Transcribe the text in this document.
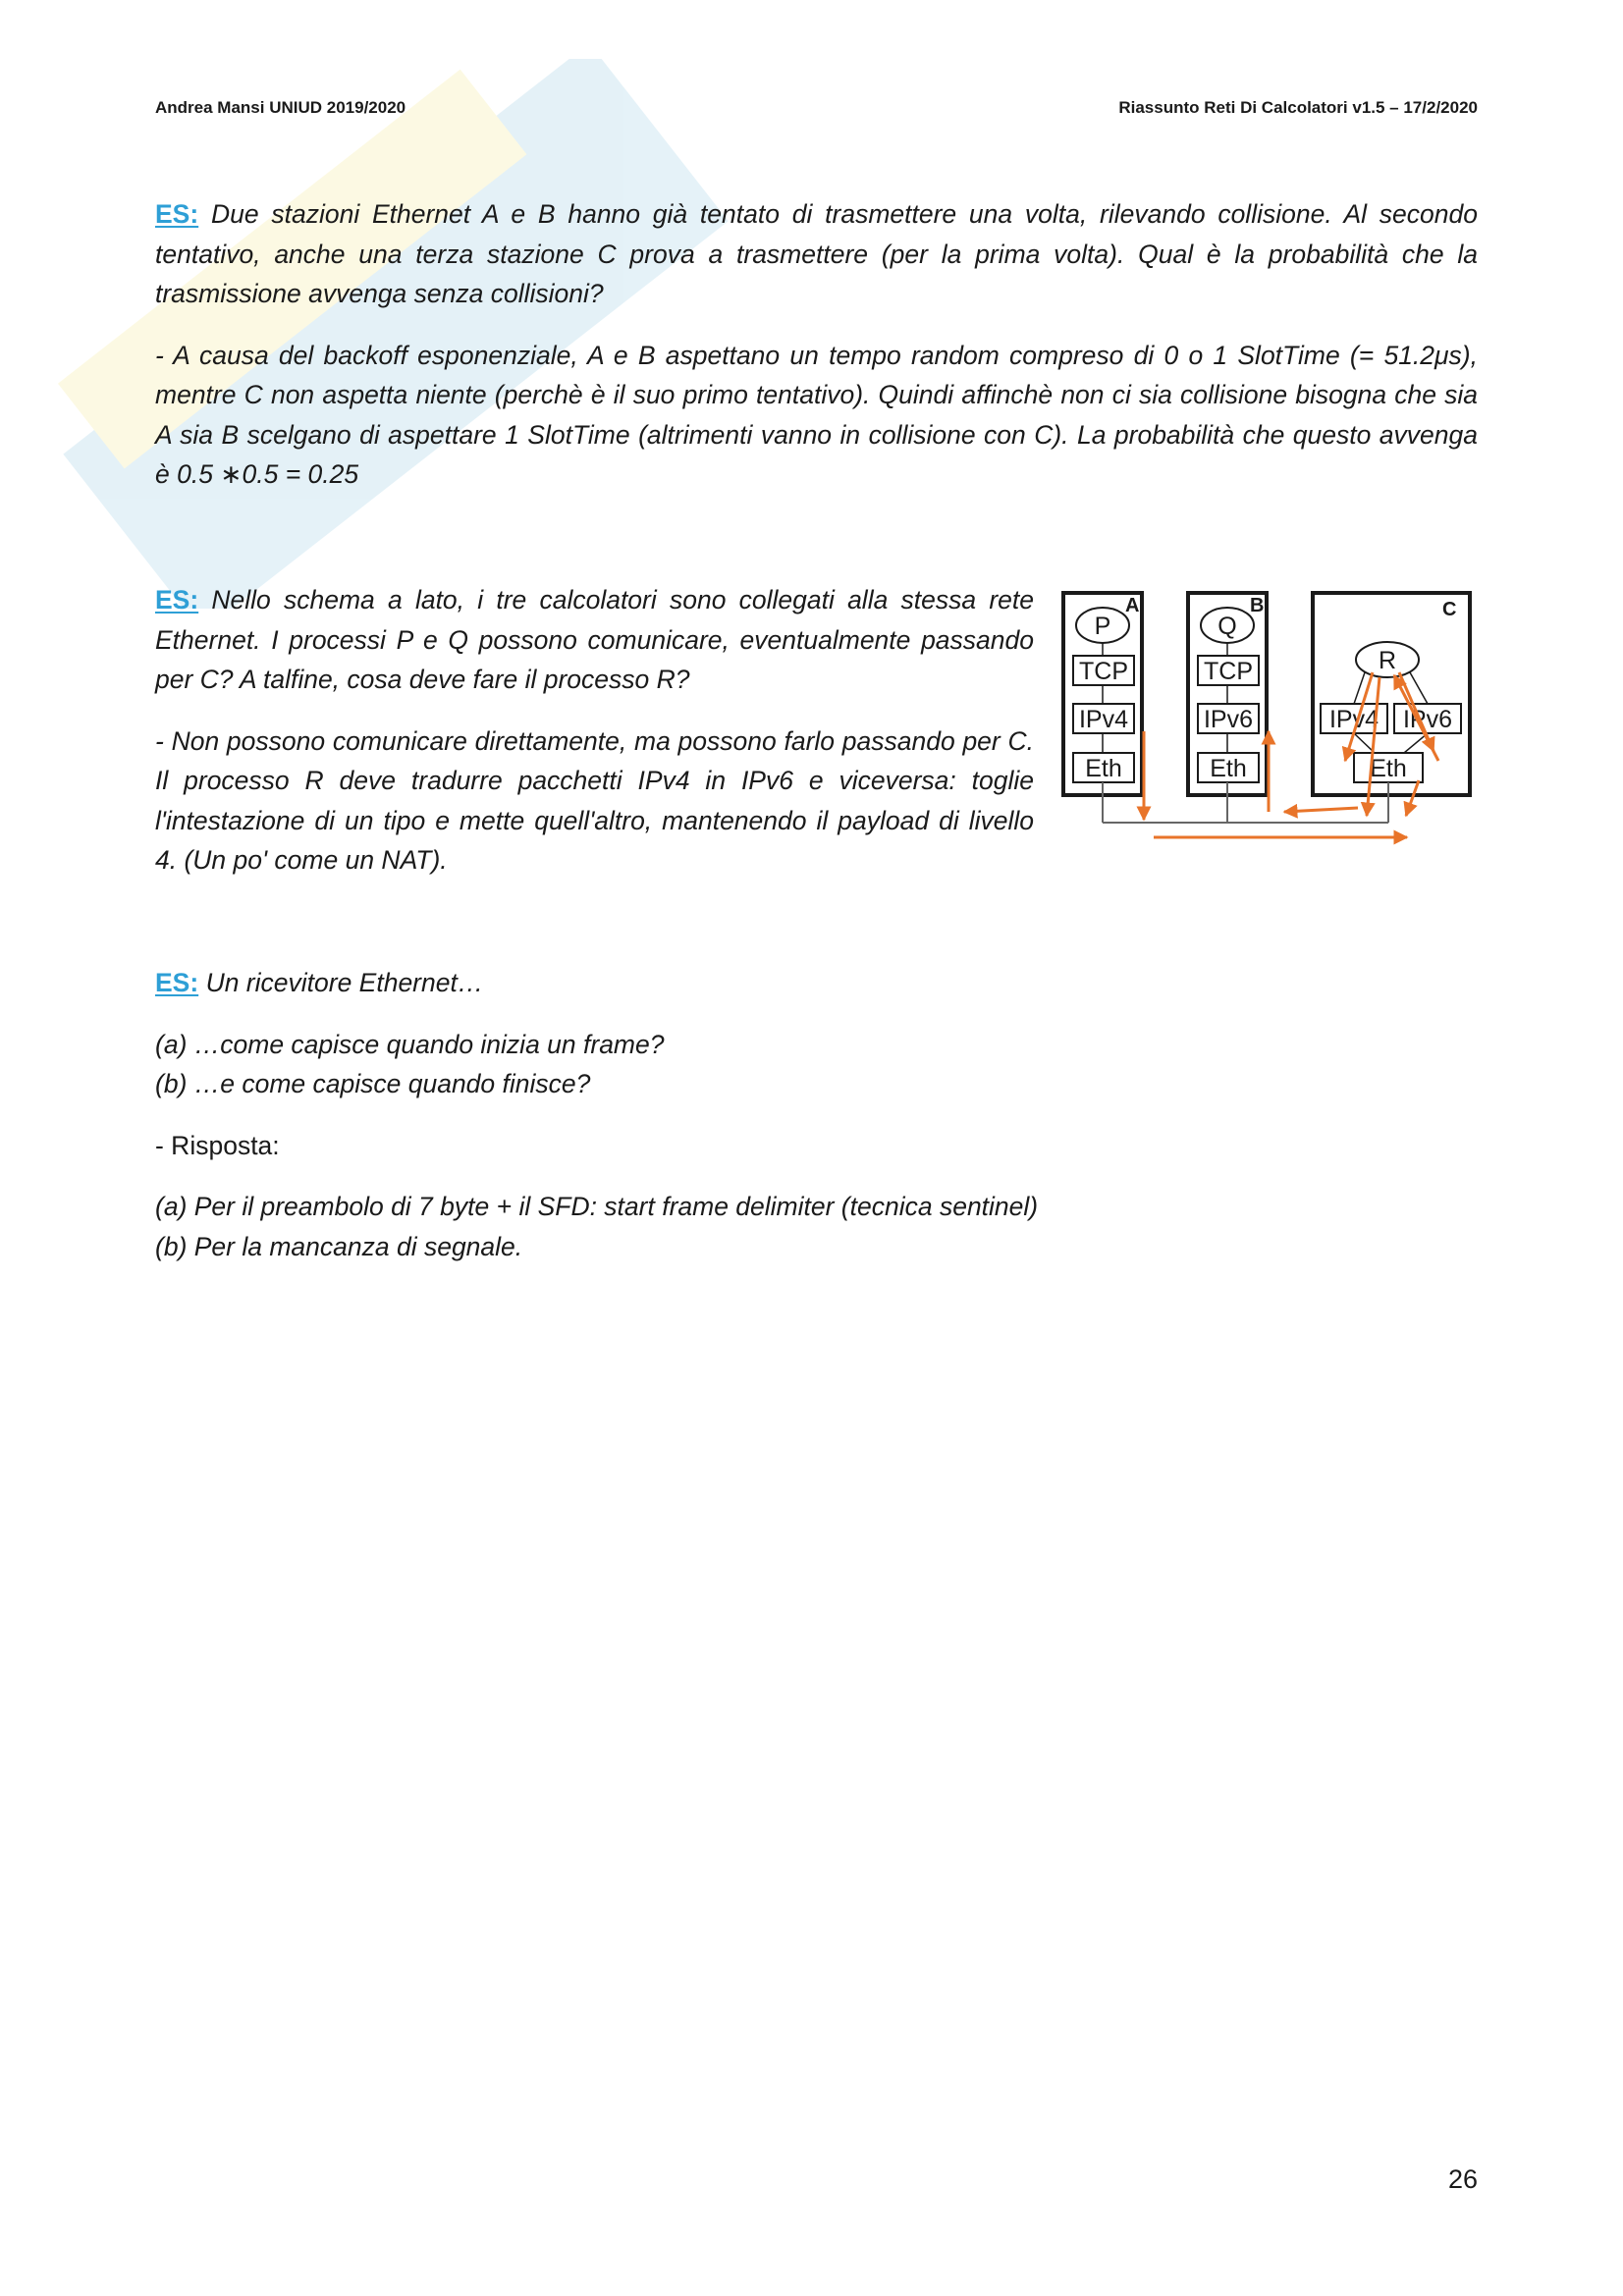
Andrea Mansi UNIUD 2019/2020	Riassunto Reti Di Calcolatori v1.5 – 17/2/2020

ES: Due stazioni Ethernet A e B hanno già tentato di trasmettere una volta, rilevando collisione. Al secondo tentativo, anche una terza stazione C prova a trasmettere (per la prima volta). Qual è la probabilità che la trasmissione avvenga senza collisioni?

- A causa del backoff esponenziale, A e B aspettano un tempo random compreso di 0 o 1 SlotTime (= 51.2μs), mentre C non aspetta niente (perchè è il suo primo tentativo). Quindi affinchè non ci sia collisione bisogna che sia A sia B scelgano di aspettare 1 SlotTime (altrimenti vanno in collisione con C). La probabilità che questo avvenga è 0.5 ∗0.5 = 0.25

ES: Nello schema a lato, i tre calcolatori sono collegati alla stessa rete Ethernet. I processi P e Q possono comunicare, eventualmente passando per C? A talfine, cosa deve fare il processo R?

- Non possono comunicare direttamente, ma possono farlo passando per C. Il processo R deve tradurre pacchetti IPv4 in IPv6 e viceversa: toglie l'intestazione di un tipo e mette quell'altro, mantenendo il payload di livello 4. (Un po' come un NAT).

A
P
TCP
IPv4
Eth
B
Q
TCP
IPv6
Eth
C
R
IPv4 IPv6
Eth

ES: Un ricevitore Ethernet…

(a) …come capisce quando inizia un frame?

(b) …e come capisce quando finisce?

- Risposta:

(a) Per il preambolo di 7 byte + il SFD: start frame delimiter (tecnica sentinel)

(b) Per la mancanza di segnale.

26
